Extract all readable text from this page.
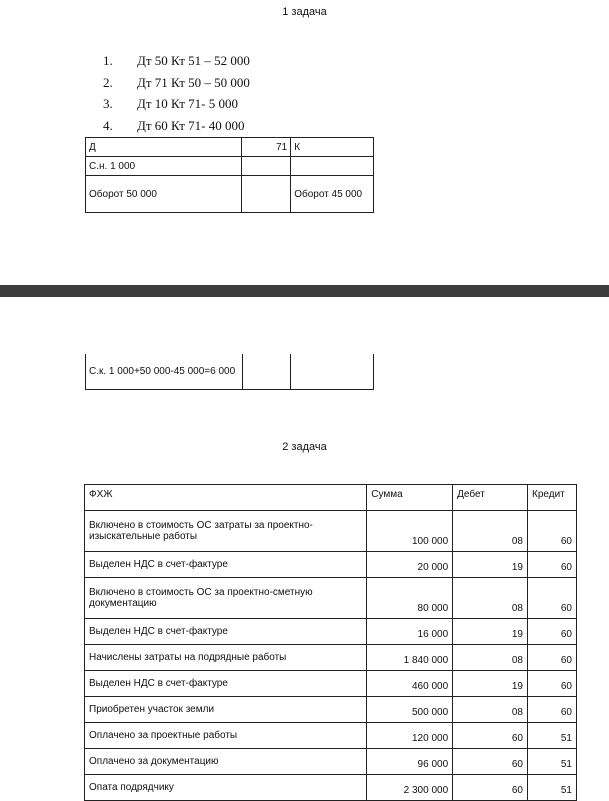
1 задача
1. Дт 50 Кт 51 – 52 000
2. Дт 71 Кт 50 – 50 000
3. Дт 10 Кт 71- 5 000
4. Дт 60 Кт 71- 40 000
Д	71	К
С.н. 1 000		
Оборот 50 000		Оборот 45 000
С.к. 1 000+50 000-45 000=6 000		
2 задача
ФХЖ	Сумма	Дебет	Кредит
Включено в стоимость ОС затраты за проектно-изыскательные работы	100 000	08	60
Выделен НДС в счет-фактуре	20 000	19	60
Включено в стоимость ОС за проектно-сметную документацию	80 000	08	60
Выделен НДС в счет-фактуре	16 000	19	60
Начислены затраты на подрядные работы	1 840 000	08	60
Выделен НДС в счет-фактуре	460 000	19	60
Приобретен участок земли	500 000	08	60
Оплачено за проектные работы	120 000	60	51
Оплачено за документацию	96 000	60	51
Опата подрядчику	2 300 000	60	51
